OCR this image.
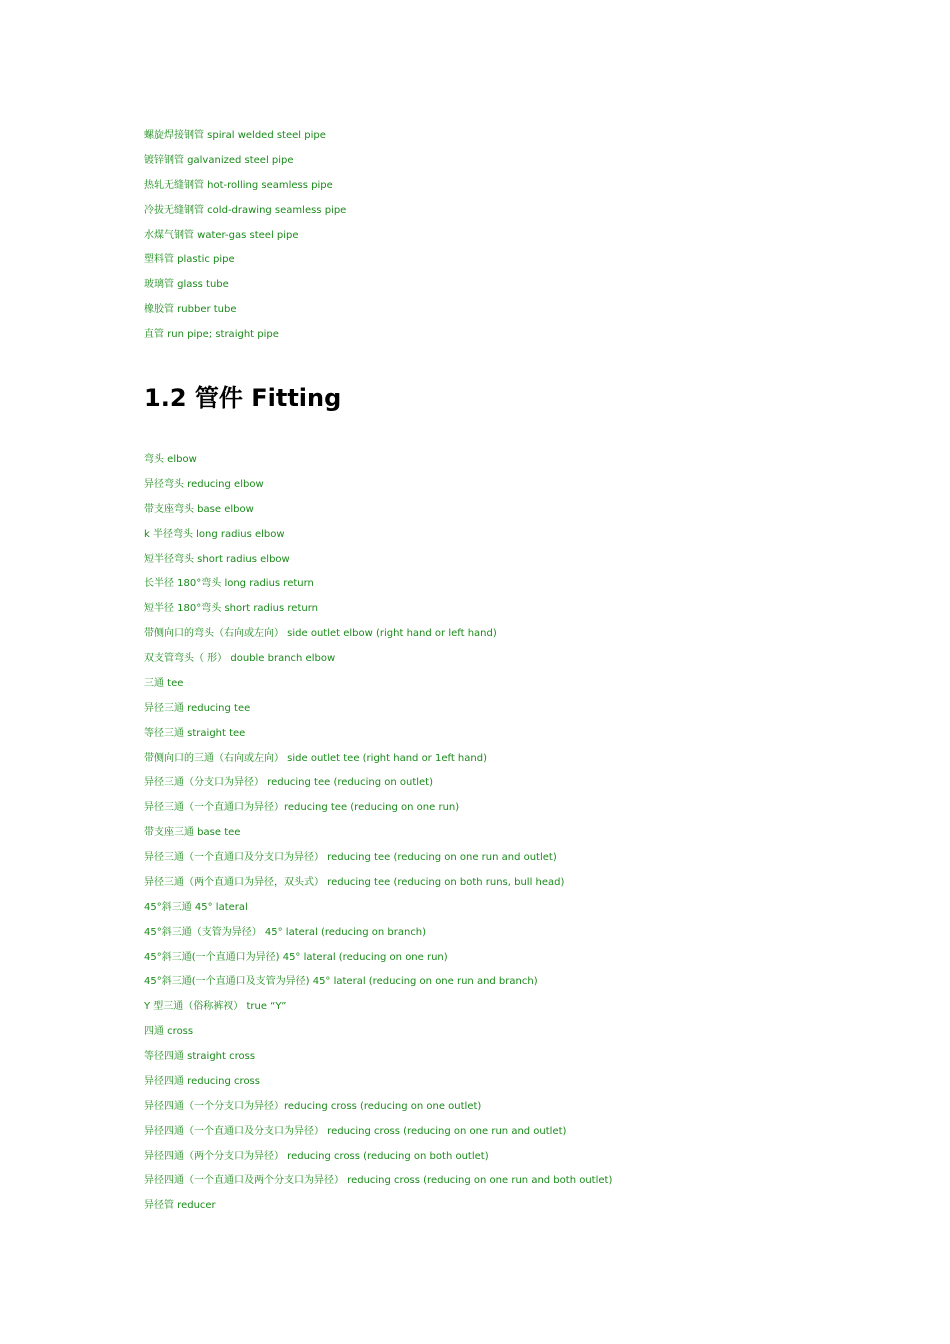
螺旋焊接钢管 spiral welded steel pipe
镀锌钢管 galvanized steel pipe
热轧无缝钢管 hot-rolling seamless pipe
冷拔无缝钢管 cold-drawing seamless pipe
水煤气钢管 water-gas steel pipe
塑料管 plastic pipe
玻璃管 glass tube
橡胶管 rubber tube
直管 run pipe; straight pipe
1.2 管件 Fitting
弯头 elbow
异径弯头 reducing elbow
带支座弯头 base elbow
k 半径弯头 long radius elbow
短半径弯头 short radius elbow
长半径 180°弯头 long radius return
短半径 180°弯头 short radius return
带侧向口的弯头（右向或左向） side outlet elbow (right hand or left hand)
双支管弯头（ 形） double branch elbow
三通 tee
异径三通 reducing tee
等径三通 straight tee
带侧向口的三通（右向或左向） side outlet tee (right hand or 1eft hand)
异径三通（分支口为异径） reducing tee (reducing on outlet)
异径三通（一个直通口为异径）reducing tee (reducing on one run)
带支座三通 base tee
异径三通（一个直通口及分支口为异径） reducing tee (reducing on one run and outlet)
异径三通（两个直通口为异径，双头式） reducing tee (reducing on both runs, bull head)
45°斜三通 45° lateral
45°斜三通（支管为异径） 45° lateral (reducing on branch)
45°斜三通(一个直通口为异径) 45° lateral (reducing on one run)
45°斜三通(一个直通口及支管为异径) 45° lateral (reducing on one run and branch)
Y 型三通（俗称裤衩） true “Y”
四通 cross
等径四通 straight cross
异径四通 reducing cross
异径四通（一个分支口为异径）reducing cross (reducing on one outlet)
异径四通（一个直通口及分支口为异径） reducing cross (reducing on one run and outlet)
异径四通（两个分支口为异径） reducing cross (reducing on both outlet)
异径四通（一个直通口及两个分支口为异径） reducing cross (reducing on one run and both outlet)
异径管 reducer
